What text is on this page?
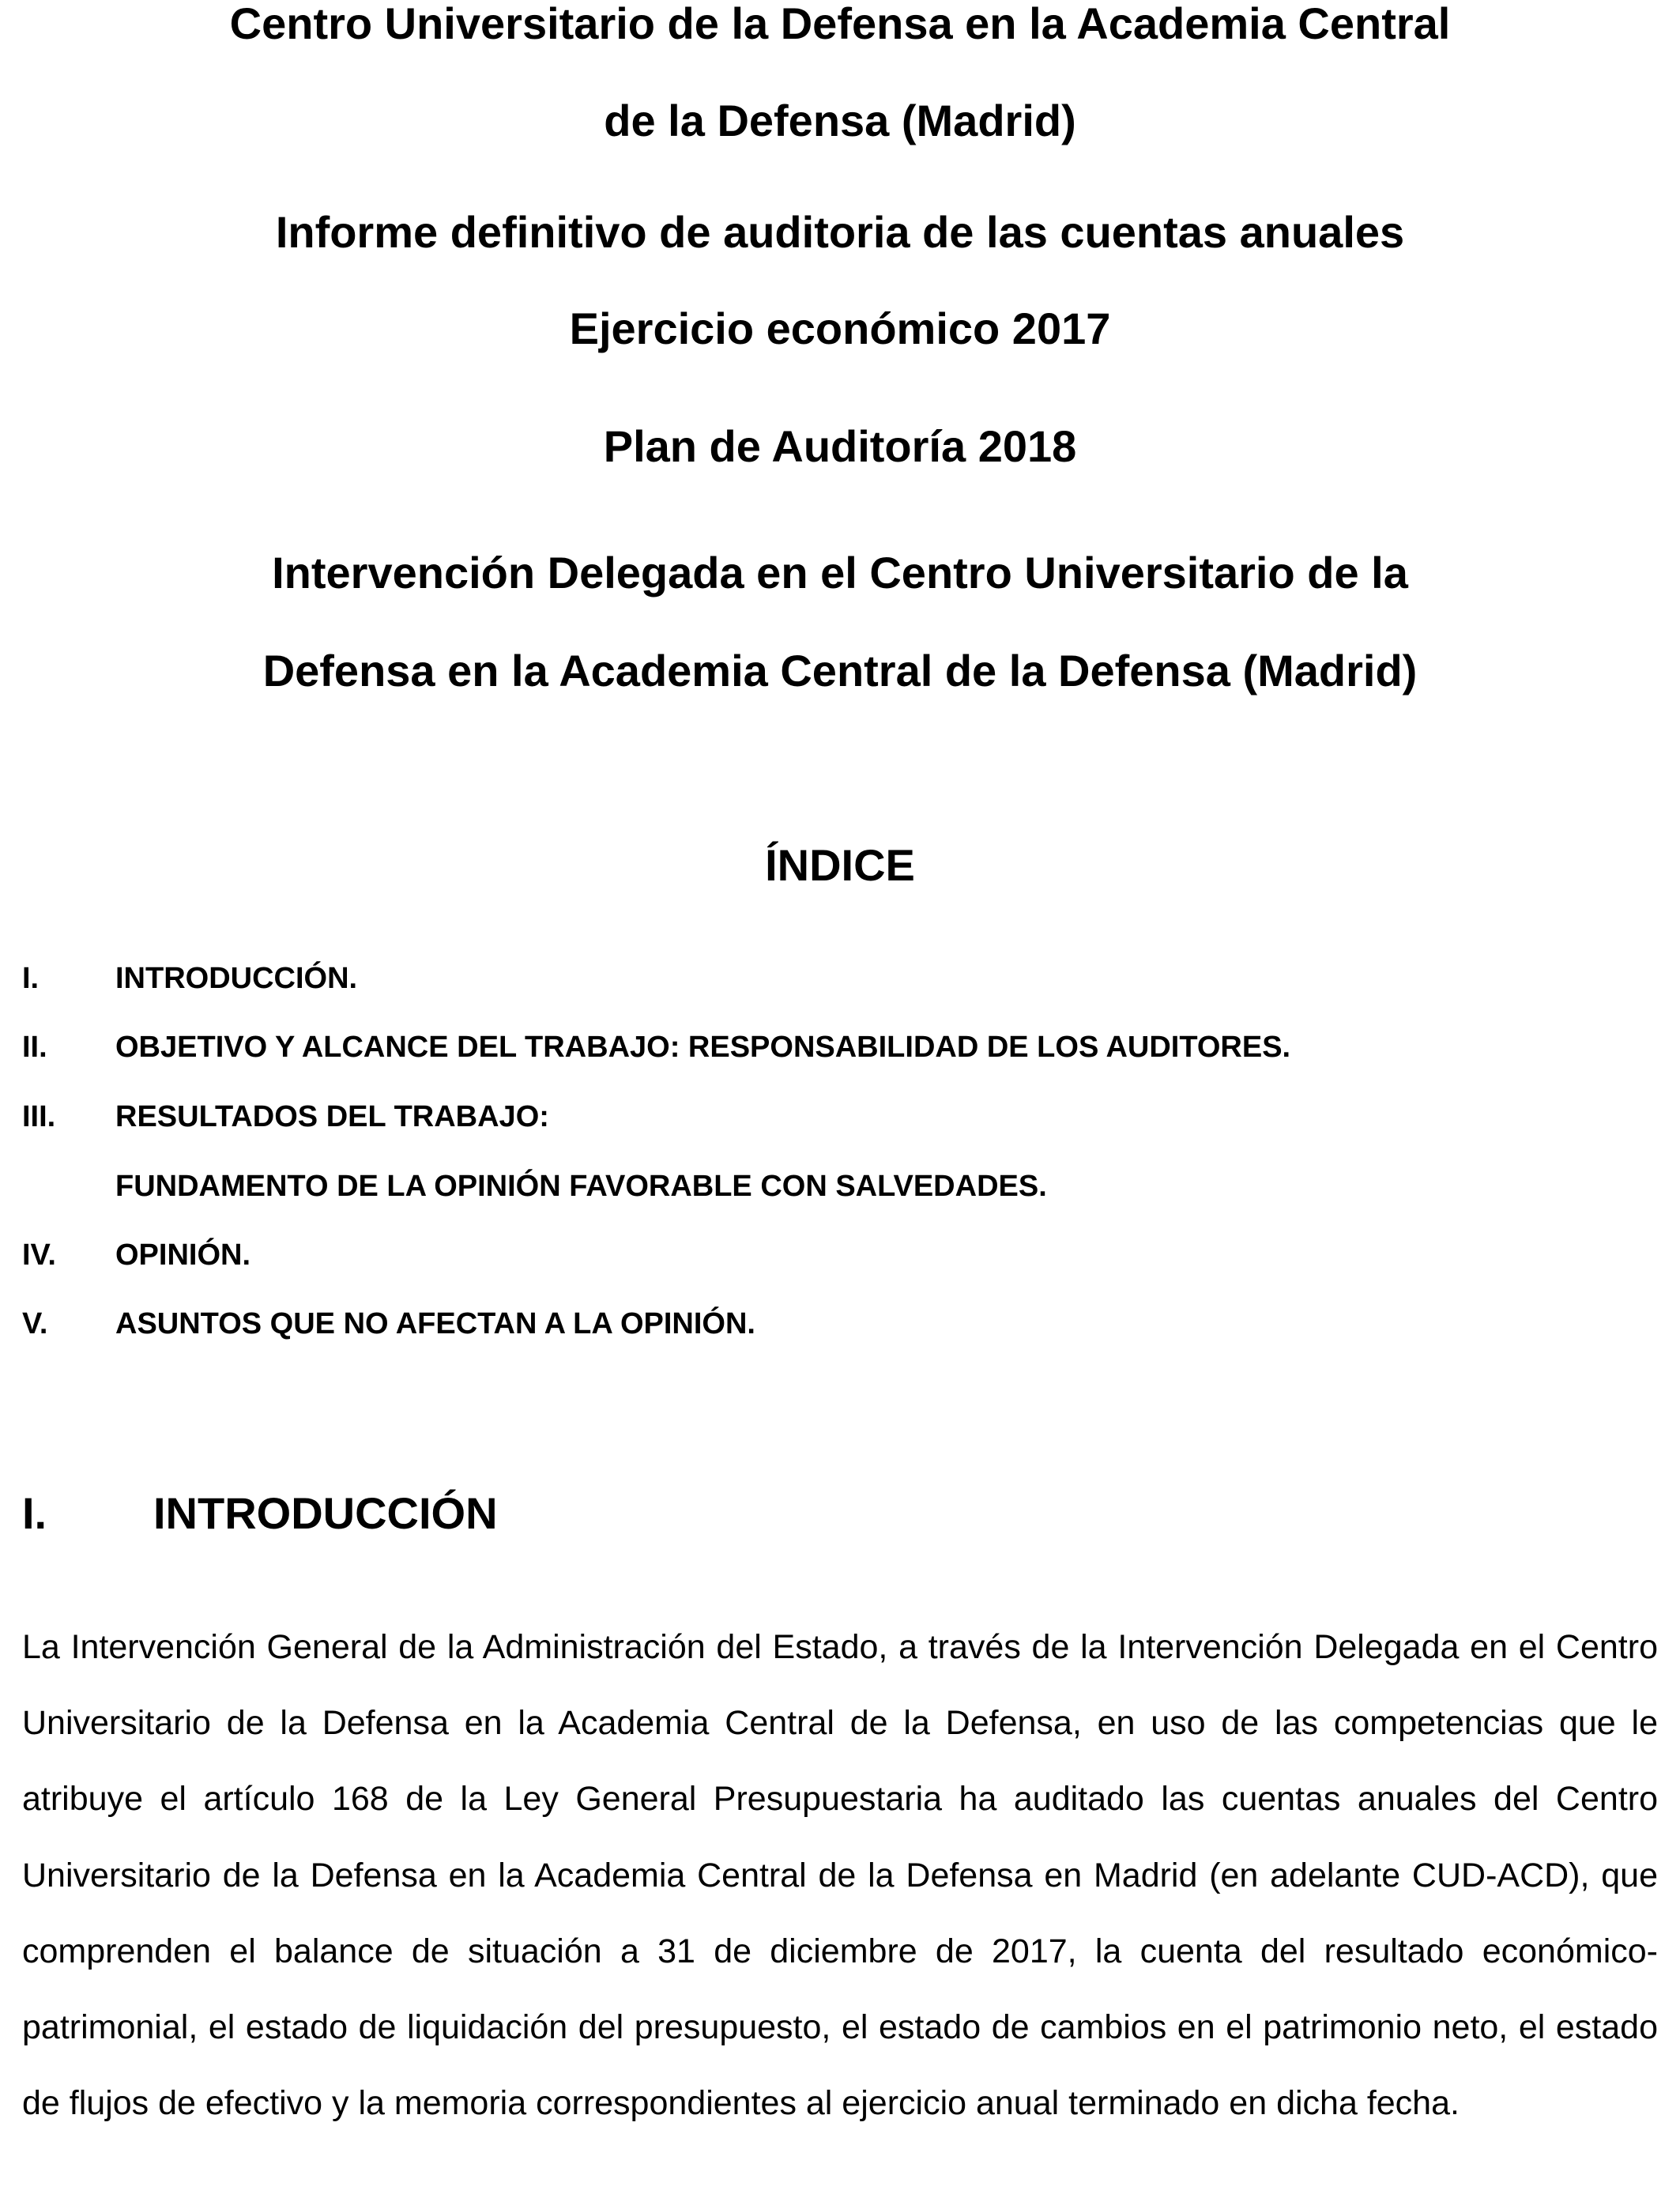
Centro Universitario de la Defensa en la Academia Central
de la Defensa (Madrid)
Informe definitivo de auditoria de las cuentas anuales
Ejercicio económico 2017
Plan de Auditoría 2018
Intervención Delegada en el Centro Universitario de la
Defensa en la Academia Central de la Defensa (Madrid)
ÍNDICE
I.	INTRODUCCIÓN.
II.	OBJETIVO Y ALCANCE DEL TRABAJO: RESPONSABILIDAD DE LOS AUDITORES.
III.	RESULTADOS DEL TRABAJO:
FUNDAMENTO DE LA OPINIÓN FAVORABLE CON SALVEDADES.
IV.	OPINIÓN.
V.	ASUNTOS QUE NO AFECTAN A LA OPINIÓN.
I. INTRODUCCIÓN

La Intervención General de la Administración del Estado, a través de la Intervención Delegada en el Centro Universitario de la Defensa en la Academia Central de la Defensa, en uso de las competencias que le atribuye el artículo 168 de la Ley General Presupuestaria ha auditado las cuentas anuales del Centro Universitario de la Defensa en la Academia Central de la Defensa en Madrid (en adelante CUD-ACD), que comprenden el balance de situación a 31 de diciembre de 2017, la cuenta del resultado económico-patrimonial, el estado de liquidación del presupuesto, el estado de cambios en el patrimonio neto, el estado de flujos de efectivo y la memoria correspondientes al ejercicio anual terminado en dicha fecha.
